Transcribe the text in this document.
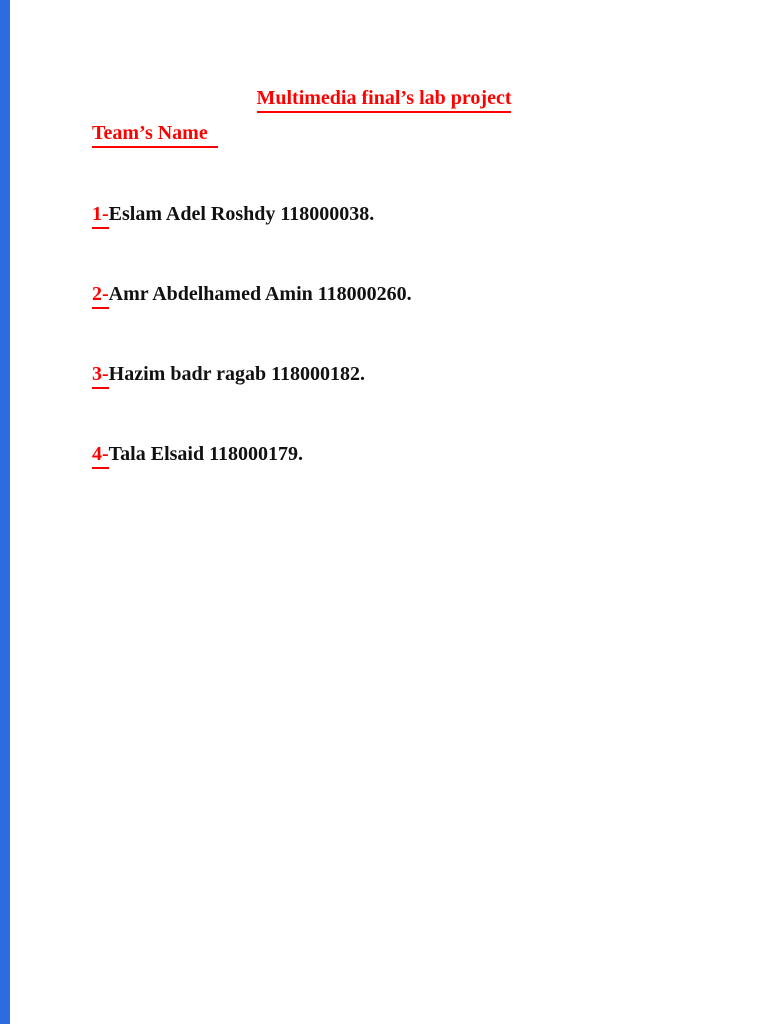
Multimedia final’s lab project
Team’s Name
1-Eslam Adel Roshdy 118000038.
2-Amr Abdelhamed Amin 118000260.
3-Hazim badr ragab 118000182.
4-Tala Elsaid 118000179.
